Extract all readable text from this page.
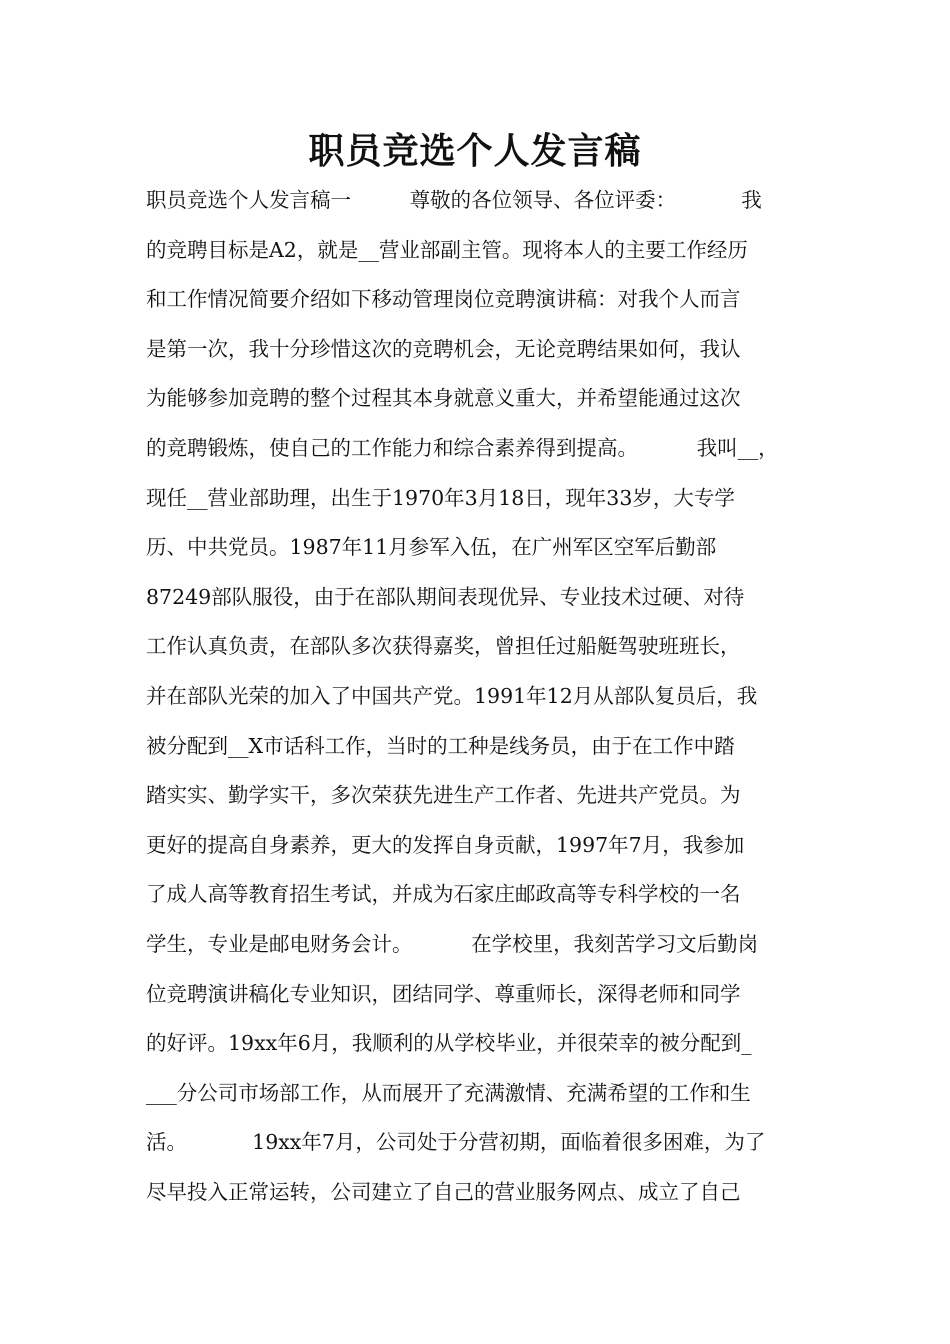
职员竞选个人发言稿
职员竞选个人发言稿一         尊敬的各位领导、各位评委：          我
的竞聘目标是A2，就是__营业部副主管。现将本人的主要工作经历
和工作情况简要介绍如下移动管理岗位竞聘演讲稿：对我个人而言
是第一次，我十分珍惜这次的竞聘机会，无论竞聘结果如何，我认
为能够参加竞聘的整个过程其本身就意义重大，并希望能通过这次
的竞聘锻炼，使自己的工作能力和综合素养得到提高。         我叫__，
现任__营业部助理，出生于1970年3月18日，现年33岁，大专学
历、中共党员。1987年11月参军入伍，在广州军区空军后勤部
87249部队服役，由于在部队期间表现优异、专业技术过硬、对待
工作认真负责，在部队多次获得嘉奖，曾担任过船艇驾驶班班长，
并在部队光荣的加入了中国共产党。1991年12月从部队复员后，我
被分配到__X市话科工作，当时的工种是线务员，由于在工作中踏
踏实实、勤学实干，多次荣获先进生产工作者、先进共产党员。为
更好的提高自身素养，更大的发挥自身贡献，1997年7月，我参加
了成人高等教育招生考试，并成为石家庄邮政高等专科学校的一名
学生，专业是邮电财务会计。         在学校里，我刻苦学习文后勤岗
位竞聘演讲稿化专业知识，团结同学、尊重师长，深得老师和同学
的好评。19xx年6月，我顺利的从学校毕业，并很荣幸的被分配到_
___分公司市场部工作，从而展开了充满激情、充满希望的工作和生
活。          19xx年7月，公司处于分营初期，面临着很多困难，为了
尽早投入正常运转，公司建立了自己的营业服务网点、成立了自己
